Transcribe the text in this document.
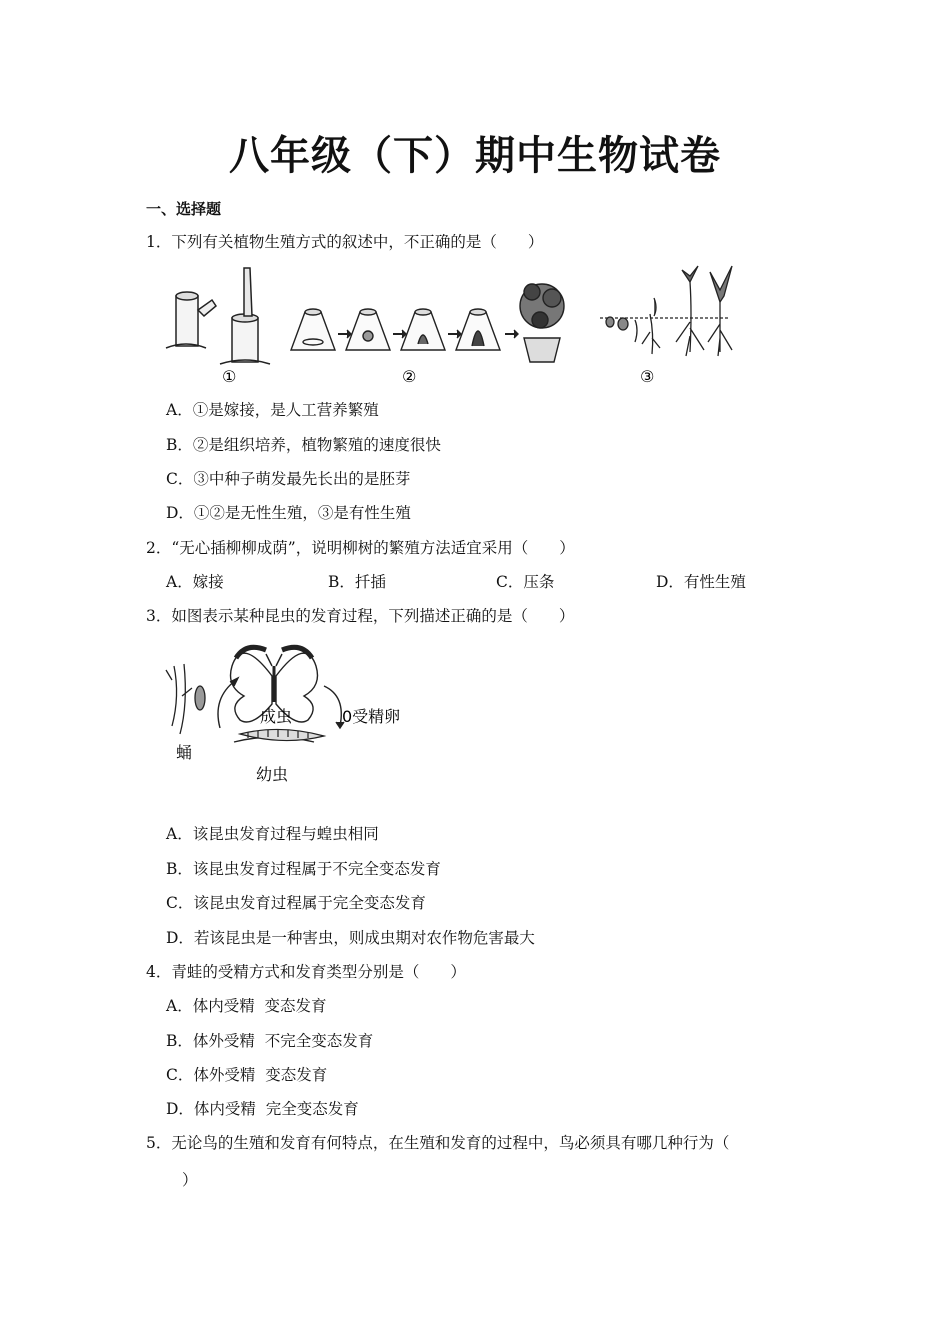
八年级（下）期中生物试卷
一、选择题
1．下列有关植物生殖方式的叙述中，不正确的是（　　）
①	②	③
A．①是嫁接，是人工营养繁殖
B．②是组织培养，植物繁殖的速度很快
C．③中种子萌发最先长出的是胚芽
D．①②是无性生殖，③是有性生殖
2．“无心插柳柳成荫”，说明柳树的繁殖方法适宜采用（　　）
A．嫁接	B．扦插	C．压条	D．有性生殖
3．如图表示某种昆虫的发育过程，下列描述正确的是（　　）
成虫	0受精卵
蛹
幼虫
A．该昆虫发育过程与蝗虫相同
B．该昆虫发育过程属于不完全变态发育
C．该昆虫发育过程属于完全变态发育
D．若该昆虫是一种害虫，则成虫期对农作物危害最大
4．青蛙的受精方式和发育类型分别是（　　）
A．体内受精  变态发育
B．体外受精  不完全变态发育
C．体外受精  变态发育
D．体内受精  完全变态发育
5．无论鸟的生殖和发育有何特点，在生殖和发育的过程中，鸟必须具有哪几种行为（
）
